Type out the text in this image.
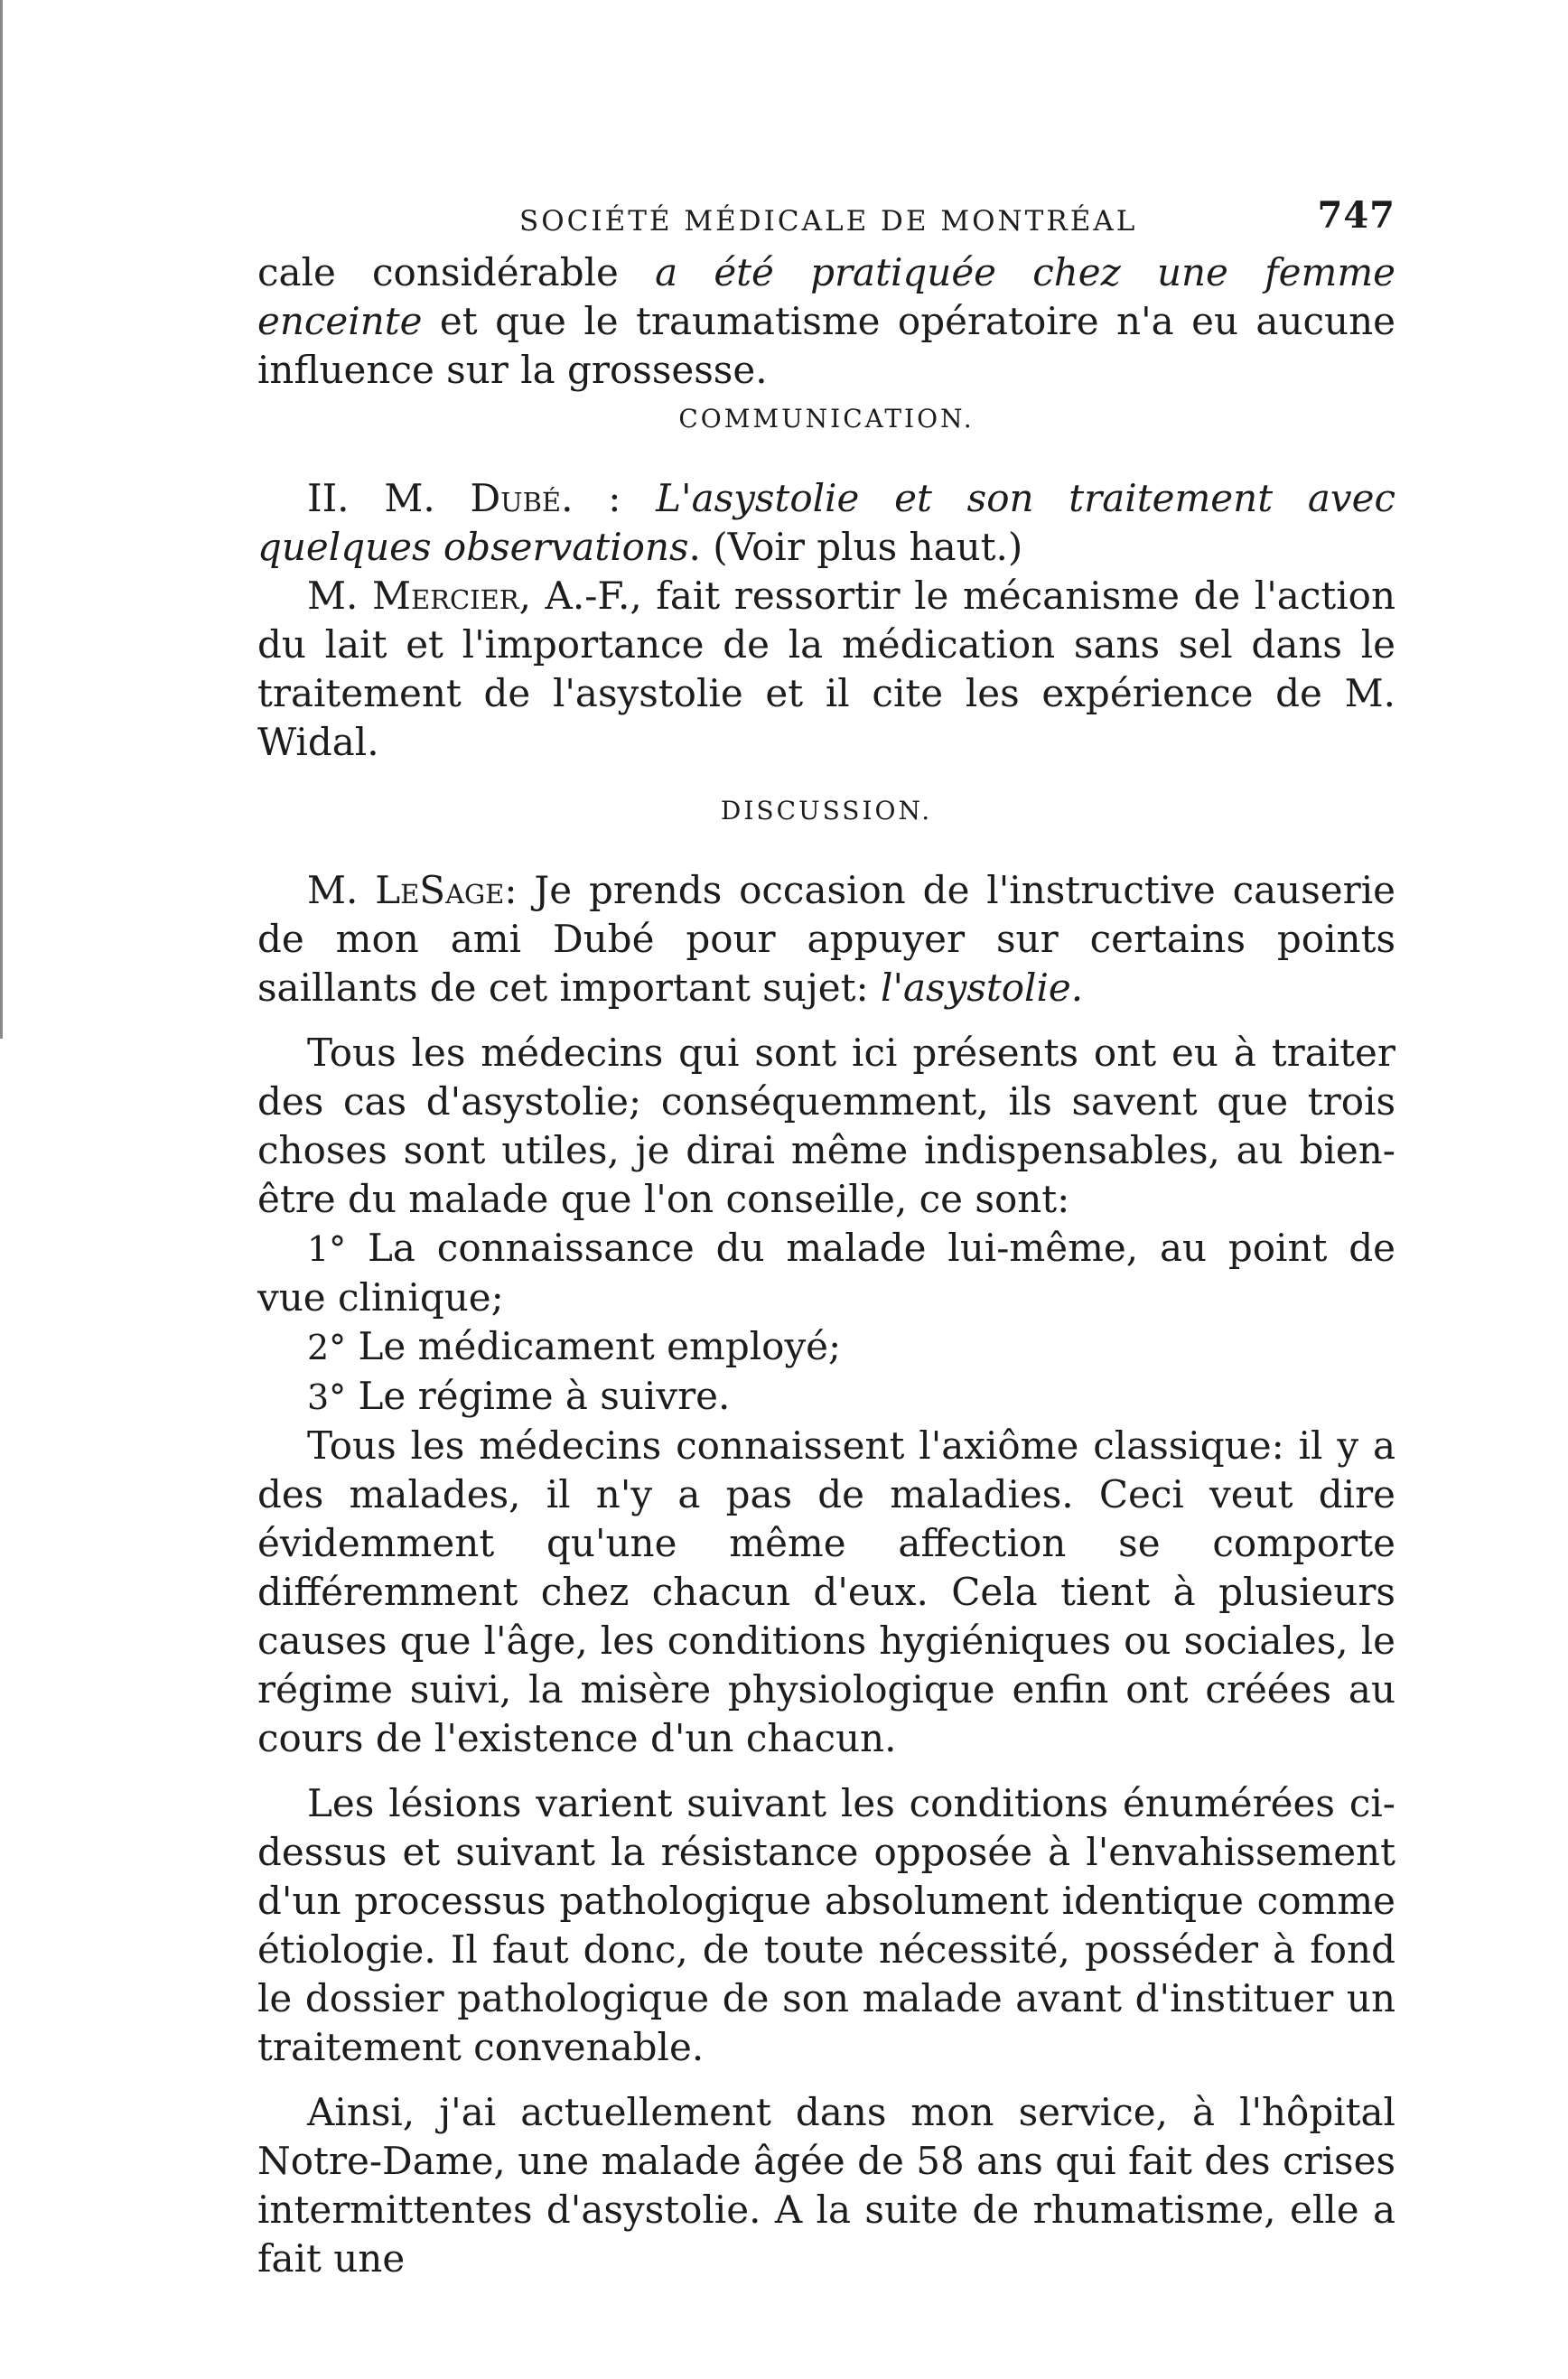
SOCIÉTÉ MÉDICALE DE MONTRÉAL	747

cale considérable a été pratiquée chez une femme enceinte et que le traumatisme opératoire n'a eu aucune influence sur la grossesse.

COMMUNICATION.

II. M. Dubé. : L'asystolie et son traitement avec quelques observations. (Voir plus haut.)

M. Mercier, A.-F., fait ressortir le mécanisme de l'action du lait et l'importance de la médication sans sel dans le traitement de l'asystolie et il cite les expérience de M. Widal.

DISCUSSION.

M. LeSage: Je prends occasion de l'instructive causerie de mon ami Dubé pour appuyer sur certains points saillants de cet important sujet: l'asystolie.

Tous les médecins qui sont ici présents ont eu à traiter des cas d'asystolie; conséquemment, ils savent que trois choses sont utiles, je dirai même indispensables, au bien-être du malade que l'on conseille, ce sont:

1° La connaissance du malade lui-même, au point de vue clinique;

2° Le médicament employé;

3° Le régime à suivre.

Tous les médecins connaissent l'axiôme classique: il y a des malades, il n'y a pas de maladies. Ceci veut dire évidemment qu'une même affection se comporte différemment chez chacun d'eux. Cela tient à plusieurs causes que l'âge, les conditions hygiéniques ou sociales, le régime suivi, la misère physiologique enfin ont créées au cours de l'existence d'un chacun.

Les lésions varient suivant les conditions énumérées ci-dessus et suivant la résistance opposée à l'envahissement d'un processus pathologique absolument identique comme étiologie. Il faut donc, de toute nécessité, posséder à fond le dossier pathologique de son malade avant d'instituer un traitement convenable.

Ainsi, j'ai actuellement dans mon service, à l'hôpital Notre-Dame, une malade âgée de 58 ans qui fait des crises intermittentes d'asystolie. A la suite de rhumatisme, elle a fait une
